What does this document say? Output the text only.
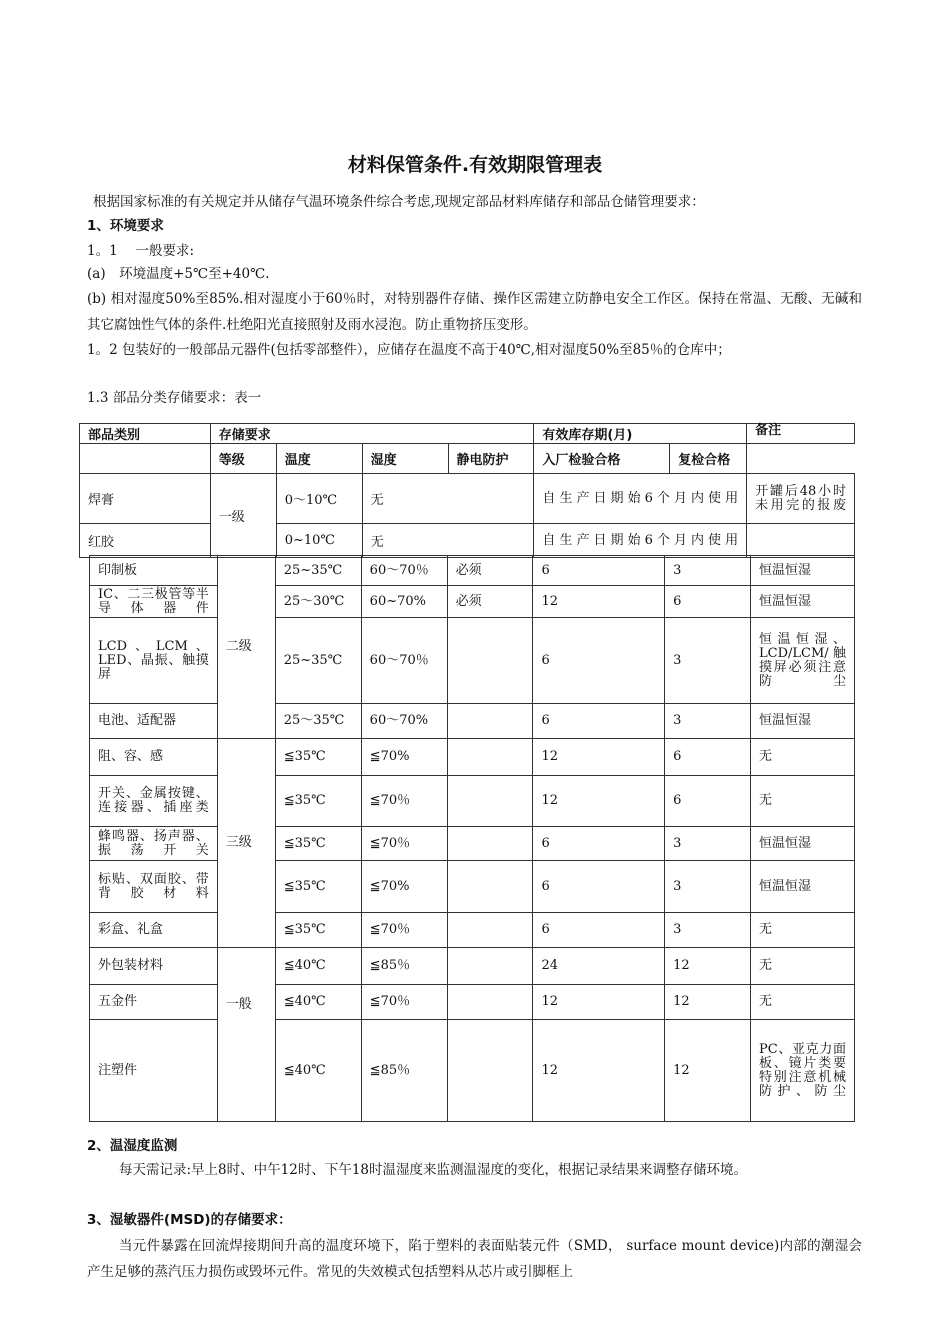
材料保管条件.有效期限管理表
根据国家标准的有关规定并从储存气温环境条件综合考虑,现规定部品材料库储存和部品仓储管理要求：
1、环境要求
1。1　 一般要求:
(a)　环境温度+5℃至+40℃.
(b) 相对湿度50%至85%.相对湿度小于60％时，对特别器件存储、操作区需建立防静电安全工作区。保持在常温、无酸、无碱和其它腐蚀性气体的条件.杜绝阳光直接照射及雨水浸泡。防止重物挤压变形。
1。2 包装好的一般部品元器件(包括零部整件），应储存在温度不高于40℃,相对湿度50%至85％的仓库中；
1.3 部品分类存储要求：表一
部品类别	存储要求				有效库存期(月)		备注
	等级	温度	湿度	静电防护	入厂检验合格	复检合格	
焊膏	一级	0～10℃	无		自生产日期始6个月内使用		开罐后48小时未用完的报废
红胶		0~10℃	无		自生产日期始6个月内使用		
印制板	二级	25~35℃	60～70％	必须	6	3	恒温恒湿
IC、二三极管等半导体器件		25～30℃	60~70%	必须	12	6	恒温恒湿
LCD、LCM、LED、晶振、触摸屏		25~35℃	60～70％		6	3	恒温恒湿、LCD/LCM/触摸屏必须注意防尘
电池、适配器		25～35℃	60～70%		6	3	恒温恒湿
阻、容、感	三级	≦35℃	≦70%		12	6	无
开关、金属按键、连接器、插座类		≦35℃	≦70％		12	6	无
蜂鸣器、扬声器、振荡开关		≦35℃	≦70％		6	3	恒温恒湿
标贴、双面胶、带背胶材料		≦35℃	≦70%		6	3	恒温恒湿
彩盒、礼盒		≦35℃	≦70％		6	3	无
外包装材料	一般	≦40℃	≦85％		24	12	无
五金件		≦40℃	≦70％		12	12	无
注塑件		≦40℃	≦85％		12	12	PC、亚克力面板、镜片类要特别注意机械防护、防尘
2、温湿度监测
每天需记录:早上8时、中午12时、下午18时温湿度来监测温湿度的变化，根据记录结果来调整存储环境。
3、湿敏器件(MSD)的存储要求：
当元件暴露在回流焊接期间升高的温度环境下，陷于塑料的表面贴装元件（SMD， surface mount device)内部的潮湿会产生足够的蒸汽压力损伤或毁坏元件。常见的失效模式包括塑料从芯片或引脚框上
